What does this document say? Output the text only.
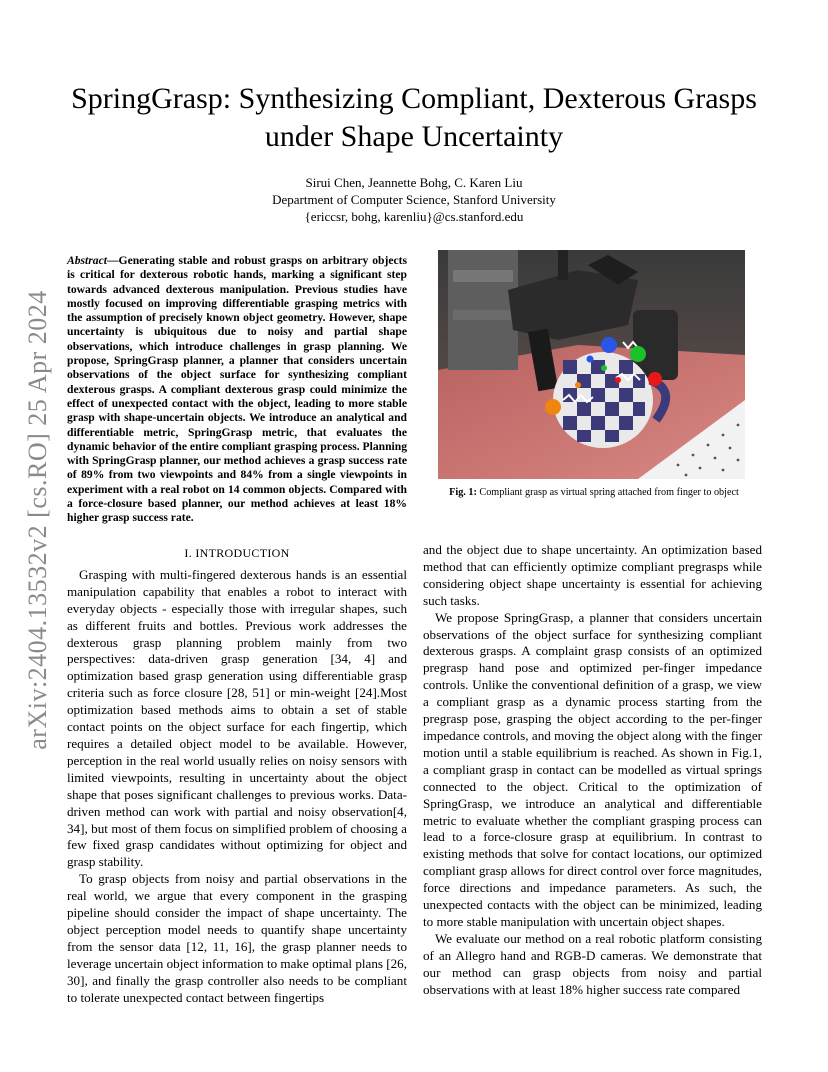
arXiv:2404.13532v2 [cs.RO] 25 Apr 2024
SpringGrasp: Synthesizing Compliant, Dexterous Grasps under Shape Uncertainty
Sirui Chen, Jeannette Bohg, C. Karen Liu
Department of Computer Science, Stanford University
{ericcsr, bohg, karenliu}@cs.stanford.edu
Abstract—Generating stable and robust grasps on arbitrary objects is critical for dexterous robotic hands, marking a significant step towards advanced dexterous manipulation. Previous studies have mostly focused on improving differentiable grasping metrics with the assumption of precisely known object geometry. However, shape uncertainty is ubiquitous due to noisy and partial shape observations, which introduce challenges in grasp planning. We propose, SpringGrasp planner, a planner that considers uncertain observations of the object surface for synthesizing compliant dexterous grasps. A compliant dexterous grasp could minimize the effect of unexpected contact with the object, leading to more stable grasp with shape-uncertain objects. We introduce an analytical and differentiable metric, SpringGrasp metric, that evaluates the dynamic behavior of the entire compliant grasping process. Planning with SpringGrasp planner, our method achieves a grasp success rate of 89% from two viewpoints and 84% from a single viewpoints in experiment with a real robot on 14 common objects. Compared with a force-closure based planner, our method achieves at least 18% higher grasp success rate.
I. INTRODUCTION

Grasping with multi-fingered dexterous hands is an essential manipulation capability that enables a robot to interact with everyday objects - especially those with irregular shapes, such as different fruits and bottles. Previous work addresses the dexterous grasp planning problem mainly from two perspectives: data-driven grasp generation [34, 4] and optimization based grasp generation using differentiable grasp criteria such as force closure [28, 51] or min-weight [24].Most optimization based methods aims to obtain a set of stable contact points on the object surface for each fingertip, which requires a detailed object model to be available. However, perception in the real world usually relies on noisy sensors with limited viewpoints, resulting in uncertainty about the object shape that poses significant challenges to previous works. Data-driven method can work with partial and noisy observation[4, 34], but most of them focus on simplified problem of choosing a few fixed grasp candidates without optimizing for object and grasp stability.

To grasp objects from noisy and partial observations in the real world, we argue that every component in the grasping pipeline should consider the impact of shape uncertainty. The object perception model needs to quantify shape uncertainty from the sensor data [12, 11, 16], the grasp planner needs to leverage uncertain object information to make optimal plans [26, 30], and finally the grasp controller also needs to be compliant to tolerate unexpected contact between fingertips

Fig. 1: Compliant grasp as virtual spring attached from finger to object

and the object due to shape uncertainty. An optimization based method that can efficiently optimize compliant pregrasps while considering object shape uncertainty is essential for achieving such tasks.

We propose SpringGrasp, a planner that considers uncertain observations of the object surface for synthesizing compliant dexterous grasps. A complaint grasp consists of an optimized pregrasp hand pose and optimized per-finger impedance controls. Unlike the conventional definition of a grasp, we view a compliant grasp as a dynamic process starting from the pregrasp pose, grasping the object according to the per-finger impedance controls, and moving the object along with the finger motion until a stable equilibrium is reached. As shown in Fig.1, a compliant grasp in contact can be modelled as virtual springs connected to the object. Critical to the optimization of SpringGrasp, we introduce an analytical and differentiable metric to evaluate whether the compliant grasping process can lead to a force-closure grasp at equilibrium. In contrast to existing methods that solve for contact locations, our optimized compliant grasp allows for direct control over force magnitudes, force directions and impedance parameters. As such, the unexpected contacts with the object can be minimized, leading to more stable manipulation with uncertain object shapes.

We evaluate our method on a real robotic platform consisting of an Allegro hand and RGB-D cameras. We demonstrate that our method can grasp objects from noisy and partial observations with at least 18% higher success rate compared
